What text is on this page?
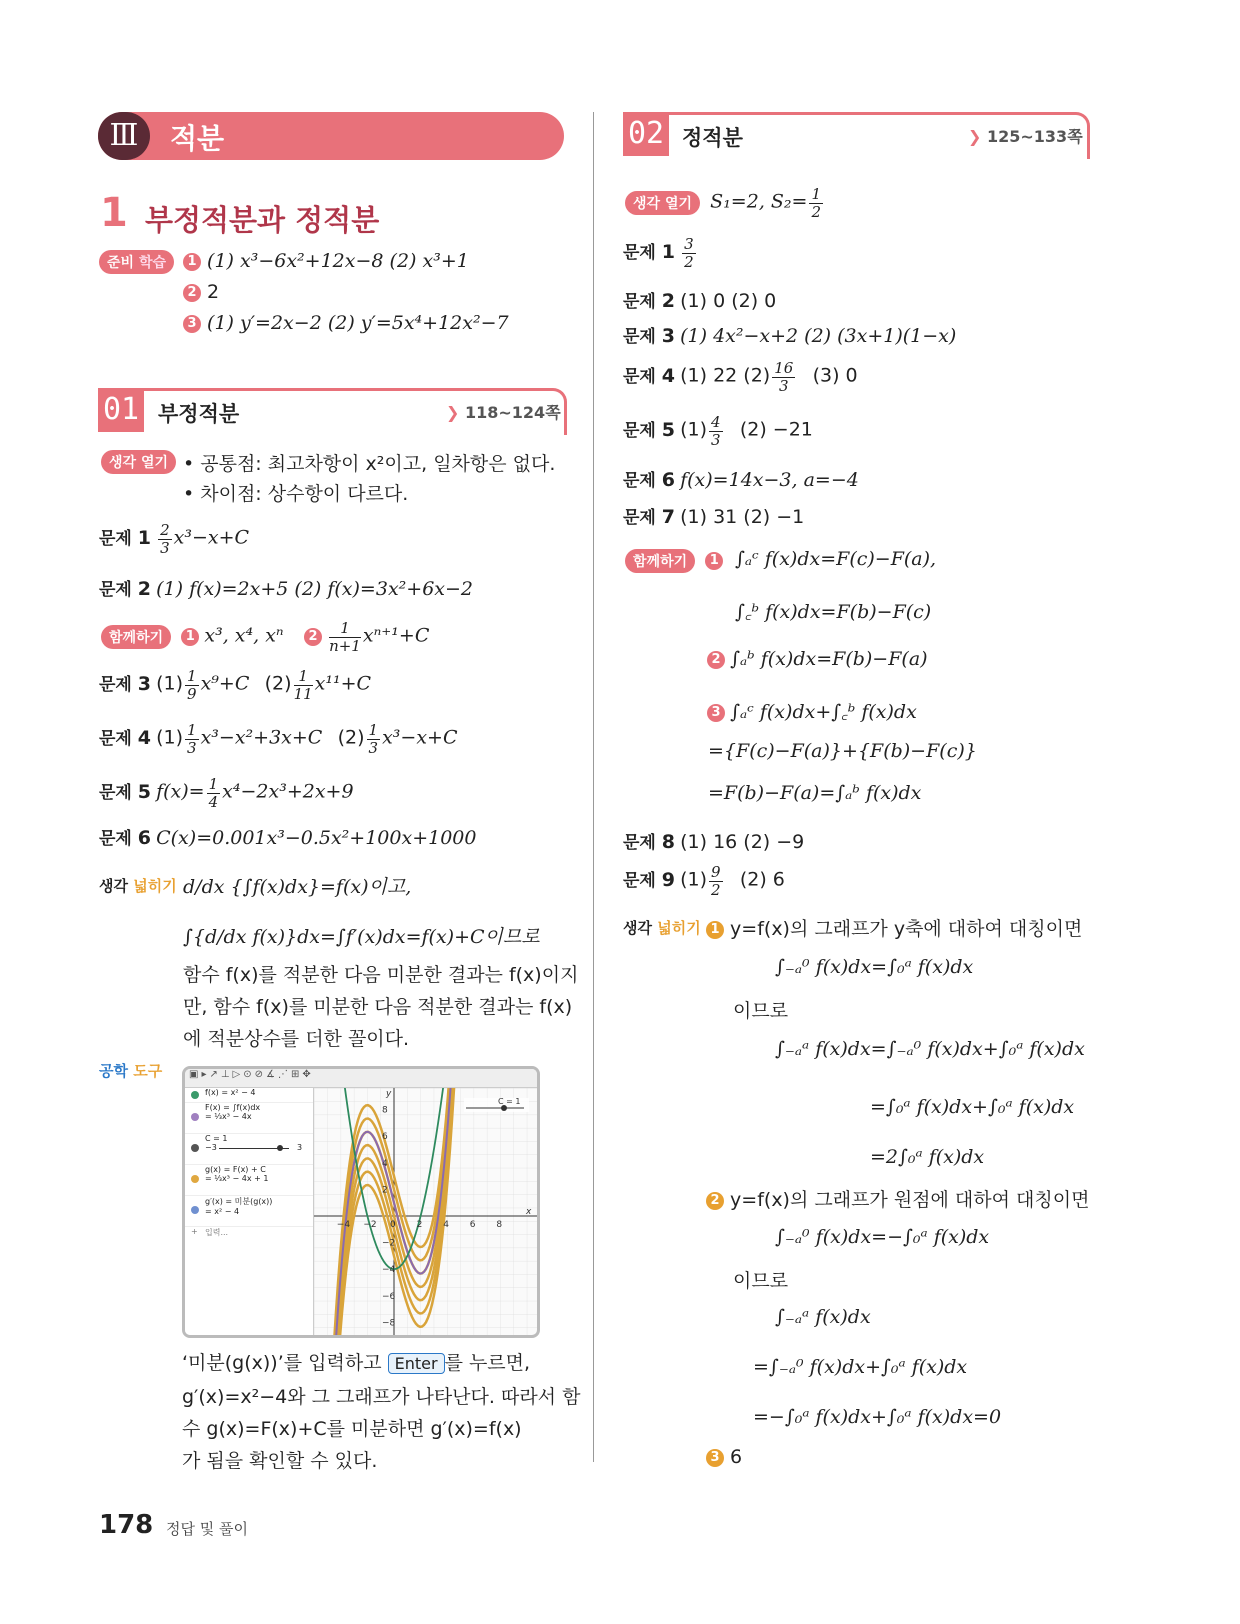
Ⅲ	적분
1 부정적분과 정적분
준비 학습	1 (1) x³−6x²+12x−8 (2) x³+1
2 2
3 (1) y′=2x−2 (2) y′=5x⁴+12x²−7
01 부정적분	❯ 118~124쪽
생각 열기 • 공통점: 최고차항이 x²이고, 일차항은 없다.
• 차이점: 상수항이 다르다.
문제 $1 \frac{2}{3} x^3-x+C$
문제 2 (1) f(x)=2x+5 (2) f(x)=3x²+6x−2
함께하기 1 x³, x⁴, xⁿ $2 \frac{1}{n+1} x^{n+1}+C$
문제 3 $(1) \frac{1}{9} x^9+C$ $(2) \frac{1}{11} x^{11}+C$
문제 4 $(1) \frac{1}{3} x^3-x^2+3x+C$ $(2) \frac{1}{3} x^3-x+C$
문제 5 $f(x)= \frac{1}{4} x^4-2x^3+2x+9$
문제 6 C(x)=0.001x³−0.5x²+100x+1000
생각 넓히기 d/dx {∫f(x)dx}=f(x)이고,
∫{d/dx f(x)}dx=∫f′(x)dx=f(x)+C이므로
함수 f(x)를 적분한 다음 미분한 결과는 f(x)이지
만, 함수 f(x)를 미분한 다음 적분한 결과는 f(x)
에 적분상수를 더한 꼴이다.
공학 도구	▣▸↗⊥▷⊙⊘∡⋰⊞✥
f(x) = x² − 4
F(x) = ∫f(x)dx
= ⅓x³ − 4x
C = 1
−3	3
g(x) = F(x) + C
= ⅓x³ − 4x + 1
g′(x) = 미분(g(x))
= x² − 4
+ 입력...
−4 −2 0 2 4 6 8
8
6
4
2
−2
−4
−6
−8
C = 1
x
y
‘미분(g(x))’를 입력하고 Enter 를 누르면,
g′(x)=x²−4와 그 그래프가 나타난다. 따라서 함
수 g(x)=F(x)+C를 미분하면 g′(x)=f(x)
가 됨을 확인할 수 있다.
02 정적분	❯ 125~133쪽
생각 열기 S₁=2, $S_2= \frac{1}{2}$
문제 $1 \frac{3}{2}$
문제 2 (1) 0 (2) 0
문제 3 (1) 4x²−x+2 (2) (3x+1)(1−x)
문제 4 (1) 22 $(2) \frac{16}{3} (3)$ 0
문제 5 $(1) \frac{4}{3} (2) -21$
문제 6 f(x)=14x−3, a=−4
문제 7 (1) 31 (2) −1
함께하기 1 ∫ₐᶜ f(x)dx=F(c)−F(a),
∫꜀ᵇ f(x)dx=F(b)−F(c)
2 ∫ₐᵇ f(x)dx=F(b)−F(a)
3 ∫ₐᶜ f(x)dx+∫꜀ᵇ f(x)dx
={F(c)−F(a)}+{F(b)−F(c)}
=F(b)−F(a)=∫ₐᵇ f(x)dx
문제 8 (1) 16 (2) −9
문제 9 $(1) \frac{9}{2} (2)$ 6
생각 넓히기 1 y=f(x)의 그래프가 y축에 대하여 대칭이면
∫₋ₐ⁰ f(x)dx=∫₀ᵃ f(x)dx
이므로
∫₋ₐᵃ f(x)dx=∫₋ₐ⁰ f(x)dx+∫₀ᵃ f(x)dx
=∫₀ᵃ f(x)dx+∫₀ᵃ f(x)dx
=2∫₀ᵃ f(x)dx
2 y=f(x)의 그래프가 원점에 대하여 대칭이면
∫₋ₐ⁰ f(x)dx=−∫₀ᵃ f(x)dx
이므로
∫₋ₐᵃ f(x)dx
=∫₋ₐ⁰ f(x)dx+∫₀ᵃ f(x)dx
=−∫₀ᵃ f(x)dx+∫₀ᵃ f(x)dx=0
3 6
178 정답 및 풀이
